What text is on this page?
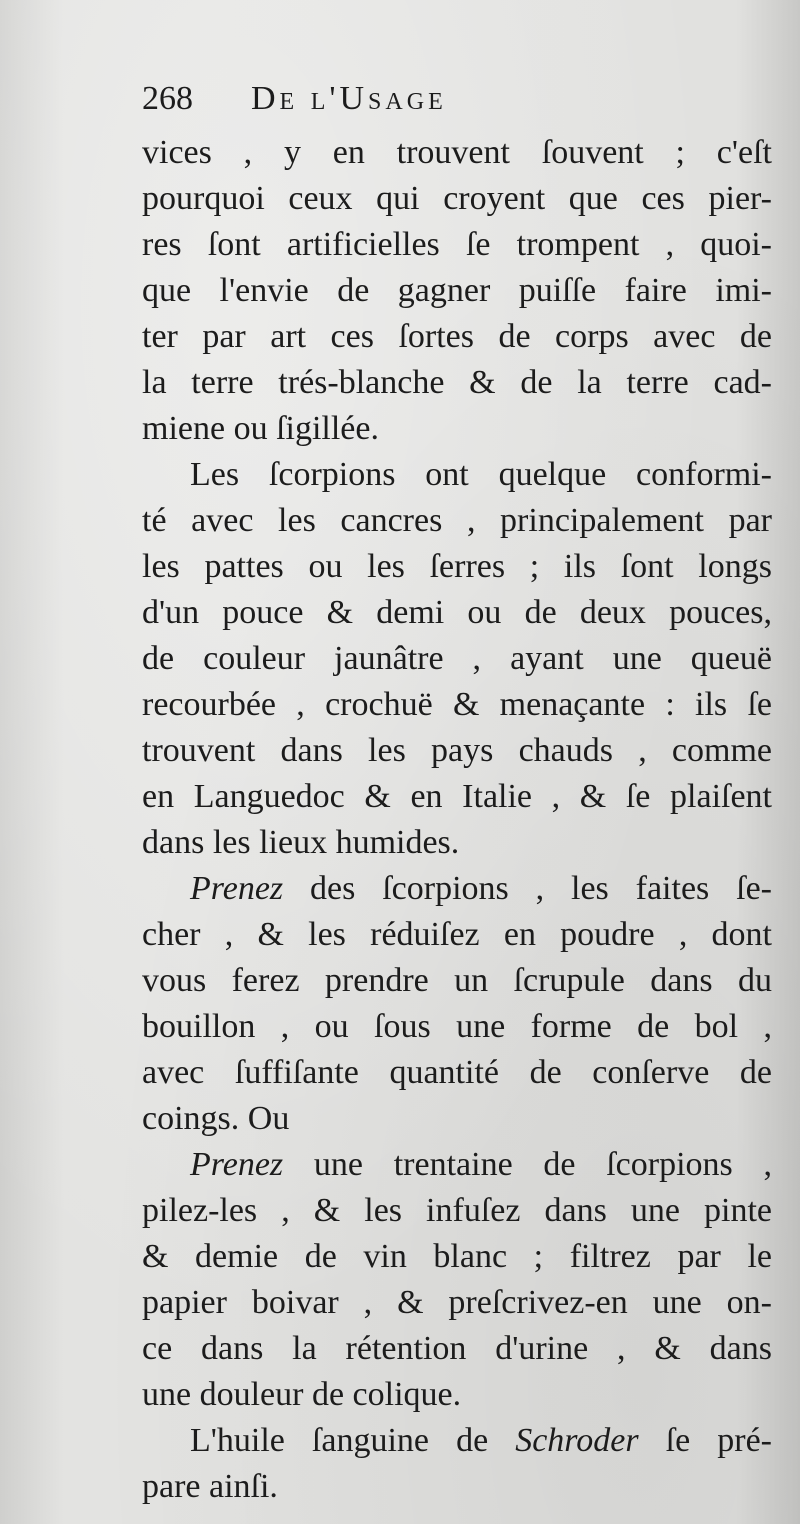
268 De l'Usage
vices , y en trouvent ſouvent ; c'eſt
pourquoi ceux qui croyent que ces pier-
res ſont artificielles ſe trompent , quoi-
que l'envie de gagner puiſſe faire imi-
ter par art ces ſortes de corps avec de
la terre trés-blanche & de la terre cad-
miene ou ſigillée.
Les ſcorpions ont quelque conformi-
té avec les cancres , principalement par
les pattes ou les ſerres ; ils ſont longs
d'un pouce & demi ou de deux pouces,
de couleur jaunâtre , ayant une queuë
recourbée , crochuë & menaçante : ils ſe
trouvent dans les pays chauds , comme
en Languedoc & en Italie , & ſe plaiſent
dans les lieux humides.
Prenez des ſcorpions , les faites ſe-
cher , & les réduiſez en poudre , dont
vous ferez prendre un ſcrupule dans du
bouillon , ou ſous une forme de bol ,
avec ſuffiſante quantité de conſerve de
coings. Ou
Prenez une trentaine de ſcorpions ,
pilez-les , & les infuſez dans une pinte
& demie de vin blanc ; filtrez par le
papier boivar , & preſcrivez-en une on-
ce dans la rétention d'urine , & dans
une douleur de colique.
L'huile ſanguine de Schroder ſe pré-
pare ainſi.
